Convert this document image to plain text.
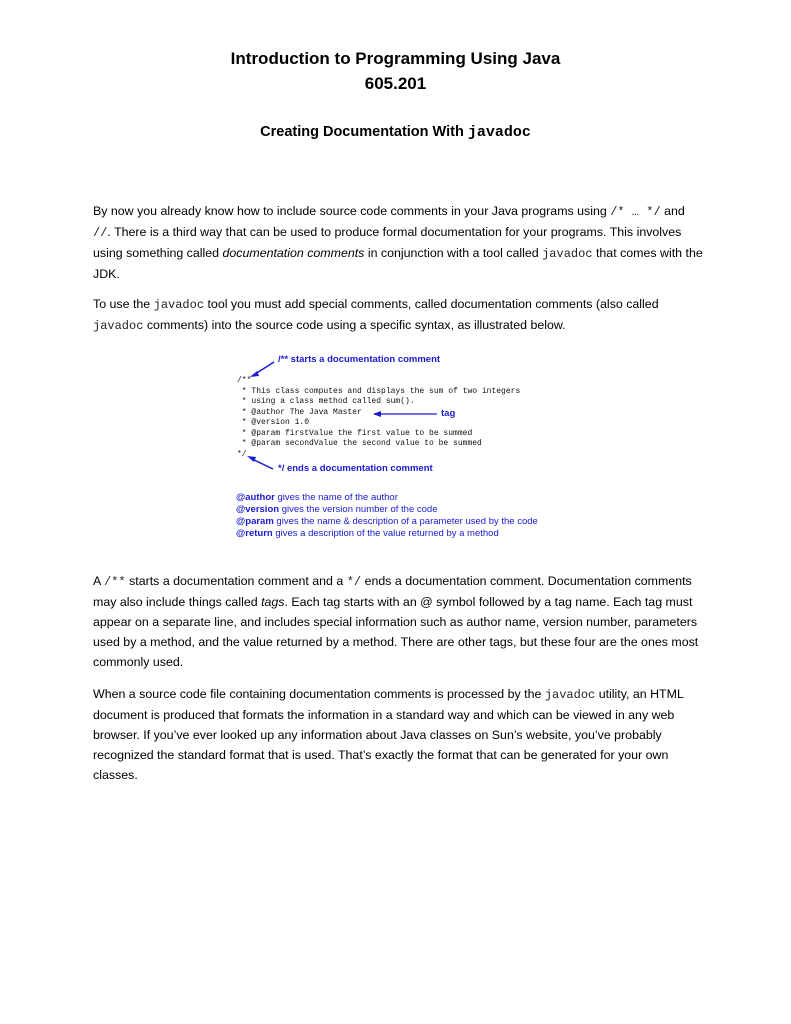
Introduction to Programming Using Java
605.201
Creating Documentation With javadoc
By now you already know how to include source code comments in your Java programs using /* … */ and //. There is a third way that can be used to produce formal documentation for your programs. This involves using something called documentation comments in conjunction with a tool called javadoc that comes with the JDK.
To use the javadoc tool you must add special comments, called documentation comments (also called javadoc comments) into the source code using a specific syntax, as illustrated below.
/** starts a documentation comment
/**
* This class computes and displays the sum of two integers
* using a class method called sum().
* @author The Java Master
* @version 1.0
* @param firstValue the first value to be summed
* @param secondValue the second value to be summed
*/
tag
*/ ends a documentation comment
@author gives the name of the author
@version gives the version number of the code
@param gives the name & description of a parameter used by the code
@return gives a description of the value returned by a method
A /** starts a documentation comment and a */ ends a documentation comment. Documentation comments may also include things called tags. Each tag starts with an @ symbol followed by a tag name. Each tag must appear on a separate line, and includes special information such as author name, version number, parameters used by a method, and the value returned by a method. There are other tags, but these four are the ones most commonly used.
When a source code file containing documentation comments is processed by the javadoc utility, an HTML document is produced that formats the information in a standard way and which can be viewed in any web browser. If you’ve ever looked up any information about Java classes on Sun’s website, you’ve probably recognized the standard format that is used. That’s exactly the format that can be generated for your own classes.
